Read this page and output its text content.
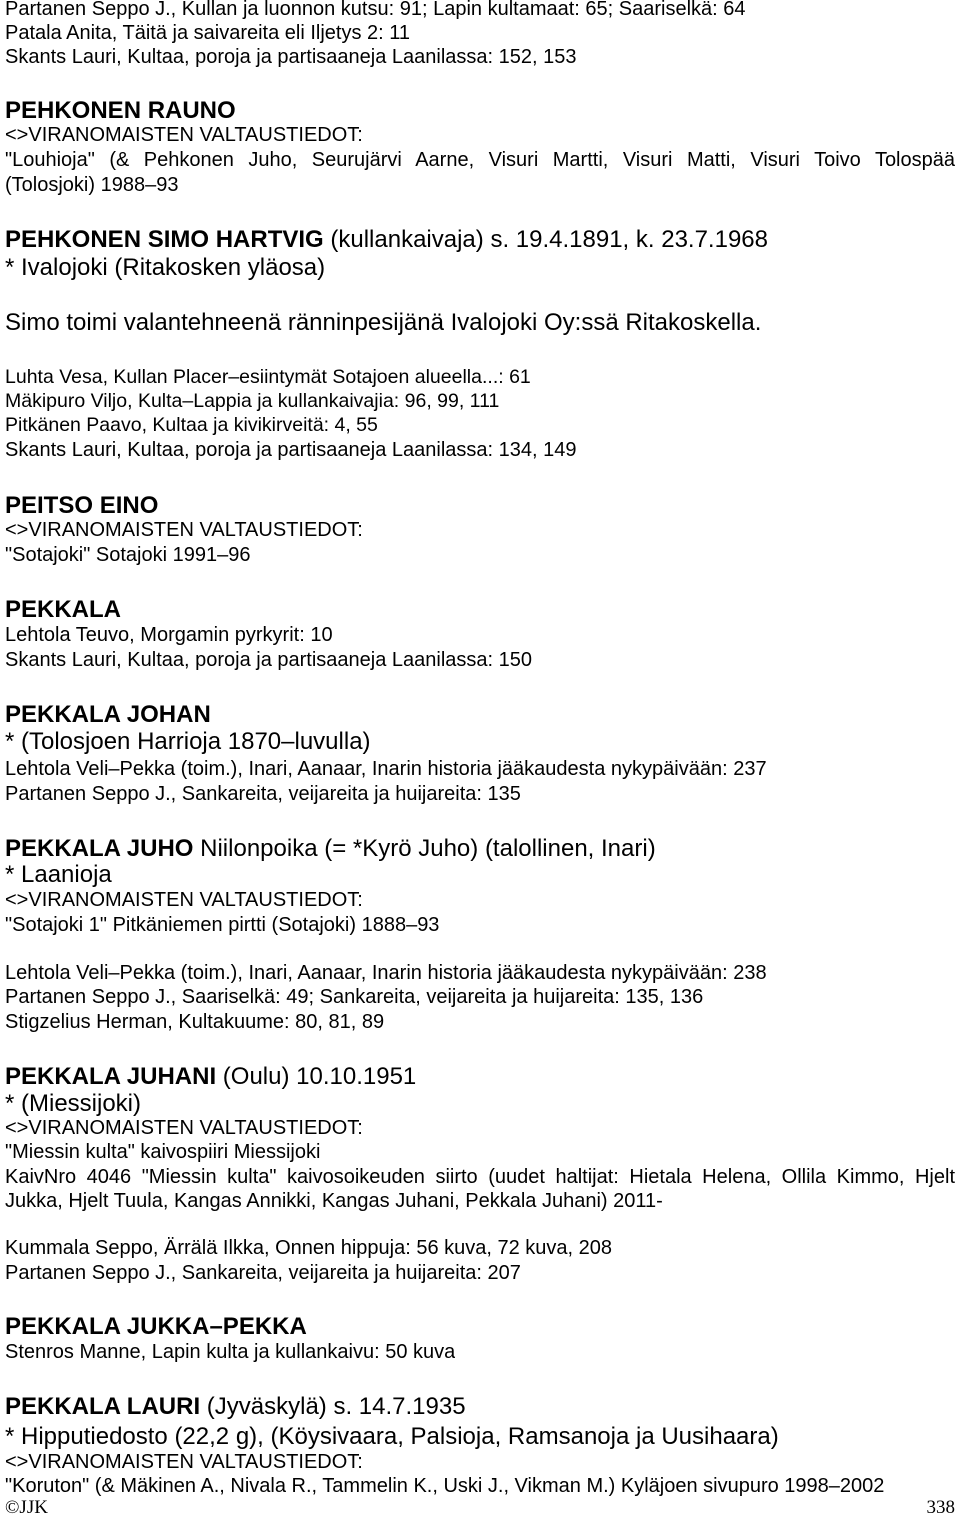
Partanen Seppo J., Kullan ja luonnon kutsu: 91; Lapin kultamaat: 65; Saariselkä: 64
Patala Anita, Täitä ja saivareita eli Iljetys 2: 11
Skants Lauri, Kultaa, poroja ja partisaaneja Laanilassa: 152, 153
PEHKONEN RAUNO
<>VIRANOMAISTEN VALTAUSTIEDOT:
"Louhioja" (& Pehkonen Juho, Seurujärvi Aarne, Visuri Martti, Visuri Matti, Visuri Toivo Tolospää
(Tolosjoki) 1988–93
PEHKONEN SIMO HARTVIG (kullankaivaja) s. 19.4.1891, k. 23.7.1968
* Ivalojoki (Ritakosken yläosa)
Simo toimi valantehneenä ränninpesijänä Ivalojoki Oy:ssä Ritakoskella.
Luhta Vesa, Kullan Placer–esiintymät Sotajoen alueella...: 61
Mäkipuro Viljo, Kulta–Lappia ja kullankaivajia: 96, 99, 111
Pitkänen Paavo, Kultaa ja kivikirveitä: 4, 55
Skants Lauri, Kultaa, poroja ja partisaaneja Laanilassa: 134, 149
PEITSO EINO
<>VIRANOMAISTEN VALTAUSTIEDOT:
"Sotajoki" Sotajoki 1991–96
PEKKALA
Lehtola Teuvo, Morgamin pyrkyrit: 10
Skants Lauri, Kultaa, poroja ja partisaaneja Laanilassa: 150
PEKKALA JOHAN
* (Tolosjoen Harrioja 1870–luvulla)
Lehtola Veli–Pekka (toim.), Inari, Aanaar, Inarin historia jääkaudesta nykypäivään: 237
Partanen Seppo J., Sankareita, veijareita ja huijareita: 135
PEKKALA JUHO Niilonpoika (= *Kyrö Juho) (talollinen, Inari)
* Laanioja
<>VIRANOMAISTEN VALTAUSTIEDOT:
"Sotajoki 1" Pitkäniemen pirtti (Sotajoki) 1888–93
Lehtola Veli–Pekka (toim.), Inari, Aanaar, Inarin historia jääkaudesta nykypäivään: 238
Partanen Seppo J., Saariselkä: 49; Sankareita, veijareita ja huijareita: 135, 136
Stigzelius Herman, Kultakuume: 80, 81, 89
PEKKALA JUHANI (Oulu) 10.10.1951
* (Miessijoki)
<>VIRANOMAISTEN VALTAUSTIEDOT:
"Miessin kulta" kaivospiiri Miessijoki
KaivNro 4046 "Miessin kulta" kaivosoikeuden siirto (uudet haltijat: Hietala Helena, Ollila Kimmo, Hjelt
Jukka, Hjelt Tuula, Kangas Annikki, Kangas Juhani, Pekkala Juhani) 2011-
Kummala Seppo, Ärrälä Ilkka, Onnen hippuja: 56 kuva, 72 kuva, 208
Partanen Seppo J., Sankareita, veijareita ja huijareita: 207
PEKKALA JUKKA–PEKKA
Stenros Manne, Lapin kulta ja kullankaivu: 50 kuva
PEKKALA LAURI (Jyväskylä) s. 14.7.1935
* Hipputiedosto (22,2 g), (Köysivaara, Palsioja, Ramsanoja ja Uusihaara)
<>VIRANOMAISTEN VALTAUSTIEDOT:
"Koruton" (& Mäkinen A., Nivala R., Tammelin K., Uski J., Vikman M.) Kyläjoen sivupuro 1998–2002
©JJK	338
